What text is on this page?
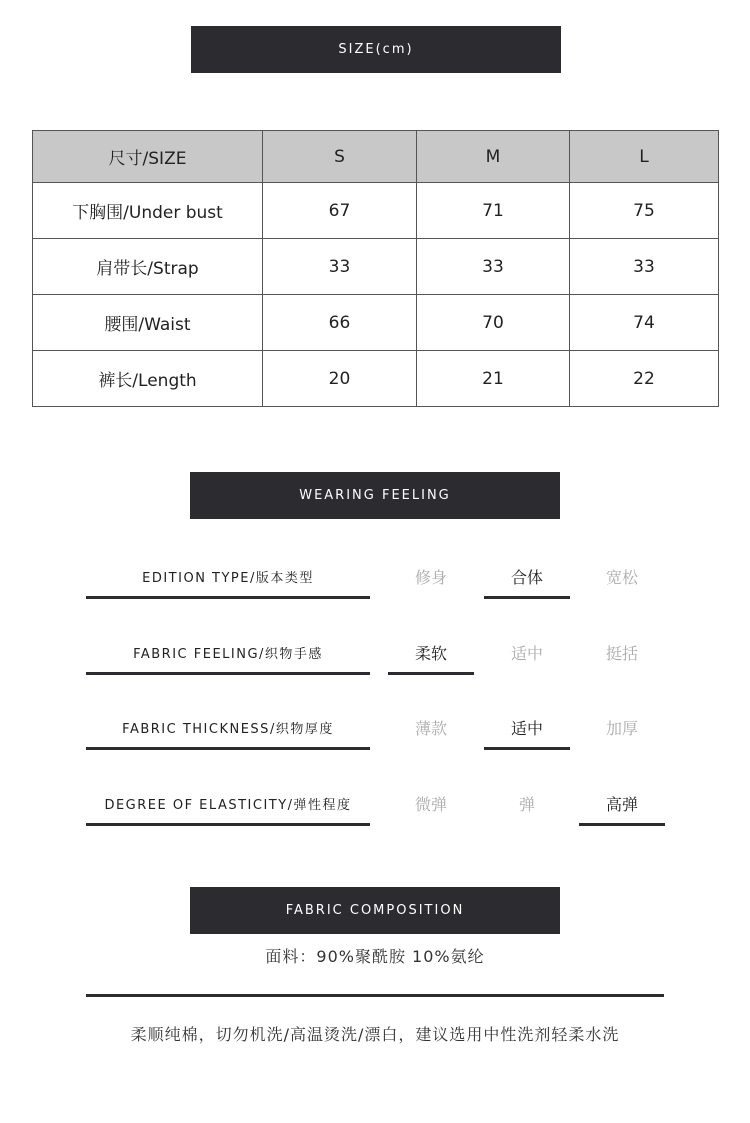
SIZE(cm)
尺寸/SIZE	S	M	L
下胸围/Under bust	67	71	75
肩带长/Strap	33	33	33
腰围/Waist	66	70	74
裤长/Length	20	21	22
WEARING FEELING
EDITION TYPE/版本类型	修身	合体	宽松
FABRIC FEELING/织物手感	柔软	适中	挺括
FABRIC THICKNESS/织物厚度	薄款	适中	加厚
DEGREE OF ELASTICITY/弹性程度	微弹	弹	高弹
FABRIC COMPOSITION
面料：90%聚酰胺 10%氨纶
柔顺纯棉，切勿机洗/高温烫洗/漂白，建议选用中性洗剂轻柔水洗
